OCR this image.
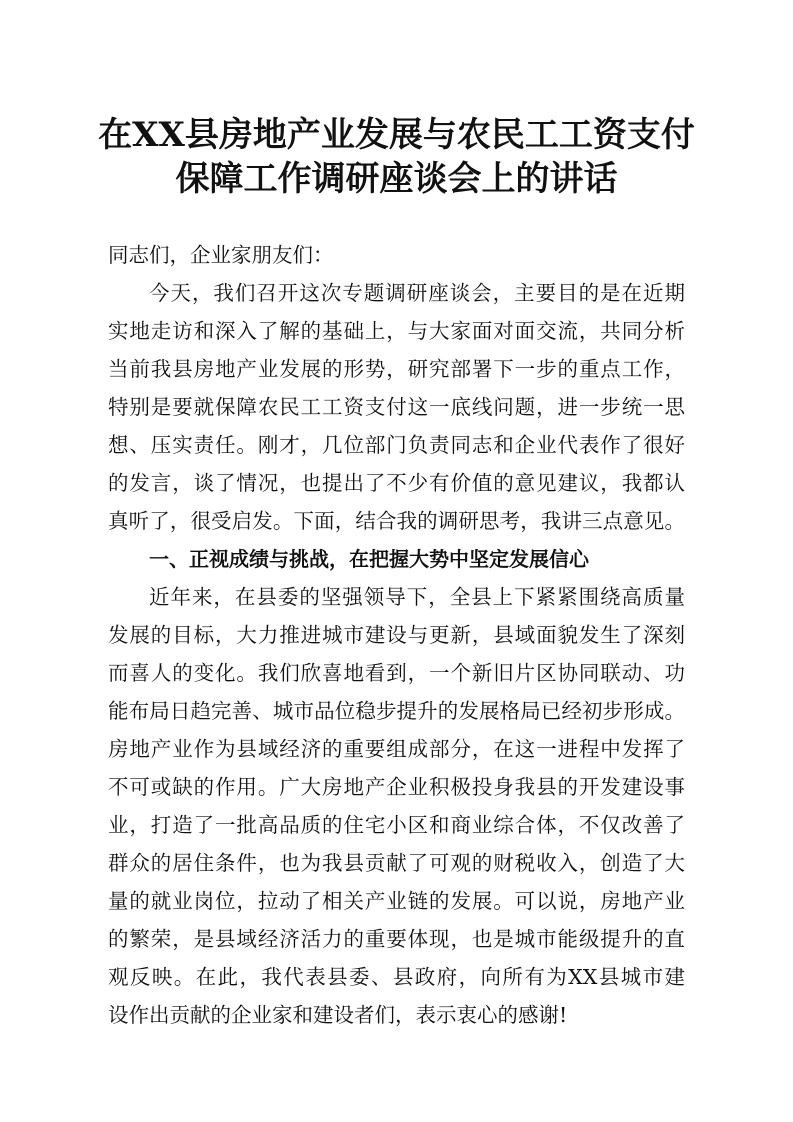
在XX县房地产业发展与农民工工资支付
保障工作调研座谈会上的讲话
同志们，企业家朋友们：
今天，我们召开这次专题调研座谈会，主要目的是在近期
实地走访和深入了解的基础上，与大家面对面交流，共同分析
当前我县房地产业发展的形势，研究部署下一步的重点工作，
特别是要就保障农民工工资支付这一底线问题，进一步统一思
想、压实责任。刚才，几位部门负责同志和企业代表作了很好
的发言，谈了情况，也提出了不少有价值的意见建议，我都认
真听了，很受启发。下面，结合我的调研思考，我讲三点意见。
一、正视成绩与挑战，在把握大势中坚定发展信心
近年来，在县委的坚强领导下，全县上下紧紧围绕高质量
发展的目标，大力推进城市建设与更新，县域面貌发生了深刻
而喜人的变化。我们欣喜地看到，一个新旧片区协同联动、功
能布局日趋完善、城市品位稳步提升的发展格局已经初步形成。
房地产业作为县域经济的重要组成部分，在这一进程中发挥了
不可或缺的作用。广大房地产企业积极投身我县的开发建设事
业，打造了一批高品质的住宅小区和商业综合体，不仅改善了
群众的居住条件，也为我县贡献了可观的财税收入，创造了大
量的就业岗位，拉动了相关产业链的发展。可以说，房地产业
的繁荣，是县域经济活力的重要体现，也是城市能级提升的直
观反映。在此，我代表县委、县政府，向所有为XX县城市建
设作出贡献的企业家和建设者们，表示衷心的感谢!
